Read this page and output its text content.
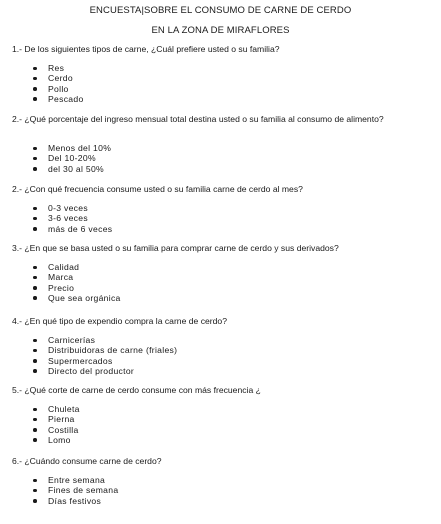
ENCUESTA|SOBRE EL CONSUMO DE CARNE DE CERDO
EN LA ZONA DE MIRAFLORES
1.- De los siguientes tipos de carne, ¿Cuál prefiere usted o su familia?
Res
Cerdo
Pollo
Pescado
2.- ¿Qué porcentaje del ingreso mensual total destina usted o su familia al consumo de alimento?
Menos del 10%
Del 10-20%
del 30 al 50%
2.- ¿Con qué frecuencia consume usted o su familia carne de cerdo al mes?
0-3 veces
3-6 veces
más de 6 veces
3.- ¿En que se basa usted o su familia para comprar carne de cerdo y sus derivados?
Calidad
Marca
Precio
Que sea orgánica
4.- ¿En qué tipo de expendio compra la carne de cerdo?
Carnicerías
Distribuidoras de carne (friales)
Supermercados
Directo del productor
5.- ¿Qué corte de carne de cerdo consume con más frecuencia ¿
Chuleta
Pierna
Costilla
Lomo
6.- ¿Cuándo consume carne de cerdo?
Entre semana
Fines de semana
Días festivos
